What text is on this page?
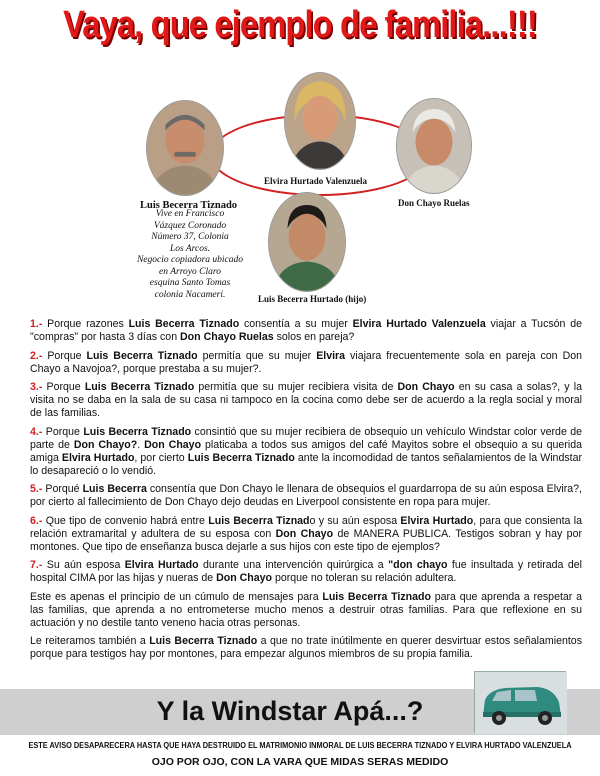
Vaya, que ejemplo de familia...!!!
Luis Becerra Tiznado
Vive en Francisco
Vázquez Coronado
Número 37, Colonia
Los Arcos.
Negocio copiadora ubicado
en Arroyo Claro
esquina Santo Tomas
colonia Nacameri.
Elvira Hurtado Valenzuela
Don Chayo Ruelas
Luis Becerra Hurtado (hijo)

1.- Porque razones Luis Becerra Tiznado consentía a su mujer Elvira Hurtado Valenzuela viajar a Tucsón de "compras" por hasta 3 días con Don Chayo Ruelas solos en pareja?

2.- Porque Luis Becerra Tiznado permitía que su mujer Elvira viajara frecuentemente sola en pareja con Don Chayo a Navojoa?, porque prestaba a su mujer?.

3.- Porque Luis Becerra Tiznado permitía que su mujer recibiera visita de Don Chayo en su casa a solas?, y la visita no se daba en la sala de su casa ni tampoco en la cocina como debe ser de acuerdo a la regla social y moral de las familias.

4.- Porque Luis Becerra Tiznado consintió que su mujer recibiera de obsequio un vehículo Windstar color verde de parte de Don Chayo?. Don Chayo platicaba a todos sus amigos del café Mayitos sobre el obsequio a su querida amiga Elvira Hurtado, por cierto Luis Becerra Tiznado ante la incomodidad de tantos señalamientos de la Windstar lo desapareció o lo vendió.

5.- Porqué Luis Becerra consentía que Don Chayo le llenara de obsequios el guardarropa de su aún esposa Elvira?, por cierto al fallecimiento de Don Chayo dejo deudas en Liverpool consistente en ropa para mujer.

6.- Que tipo de convenio habrá entre Luis Becerra Tiznado y su aún esposa Elvira Hurtado, para que consienta la relación extramarital y adultera de su esposa con Don Chayo de MANERA PUBLICA. Testigos sobran y hay por montones. Que tipo de enseñanza busca dejarle a sus hijos con este tipo de ejemplos?

7.- Su aún esposa Elvira Hurtado durante una intervención quirúrgica a "don chayo fue insultada y retirada del hospital CIMA por las hijas y nueras de Don Chayo porque no toleran su relación adultera.

Este es apenas el principio de un cúmulo de mensajes para Luis Becerra Tiznado para que aprenda a respetar a las familias, que aprenda a no entrometerse mucho menos a destruir otras familias. Para que reflexione en su actuación y no destile tanto veneno hacia otras personas.

Le reiteramos también a Luis Becerra Tiznado a que no trate inútilmente en querer desvirtuar estos señalamientos porque para testigos hay por montones, para empezar algunos miembros de su propia familia.

Y la Windstar Apá...?
ESTE AVISO DESAPARECERA HASTA QUE HAYA DESTRUIDO EL MATRIMONIO INMORAL DE LUIS BECERRA TIZNADO Y ELVIRA HURTADO VALENZUELA
OJO POR OJO, CON LA VARA QUE MIDAS SERAS MEDIDO
